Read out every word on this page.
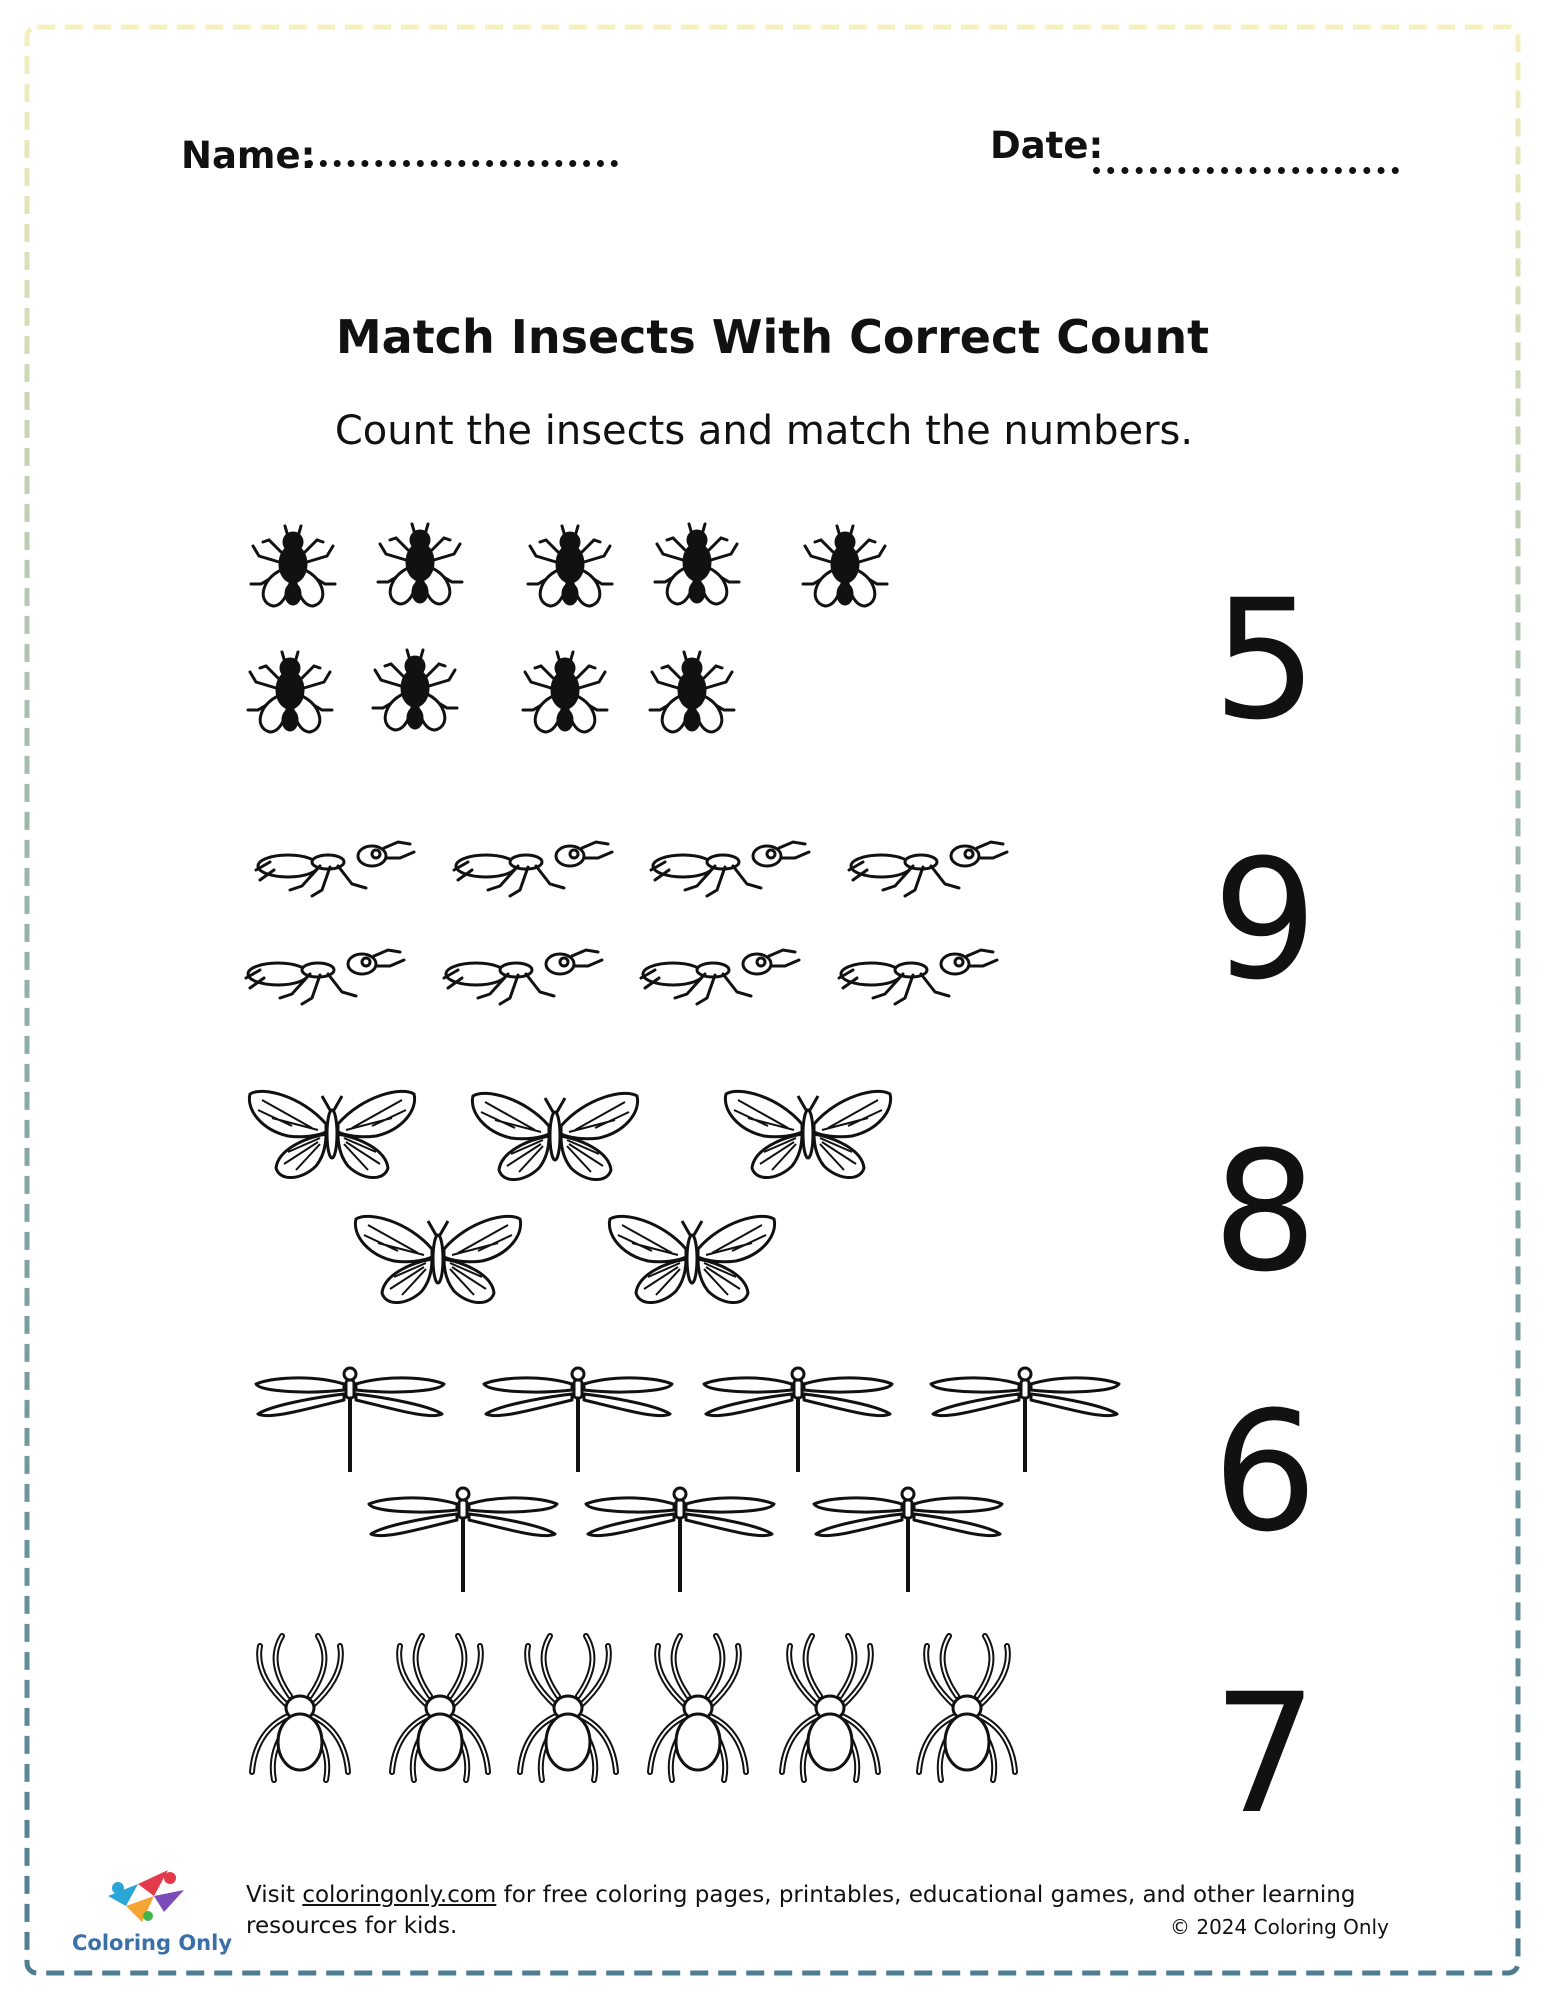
Name:	Date:
Match Insects With Correct Count
Count the insects and match the numbers.
5
9
8
6
7
Coloring Only
Visit coloringonly.com for free coloring pages, printables, educational games, and other learning resources for kids.	© 2024 Coloring Only
